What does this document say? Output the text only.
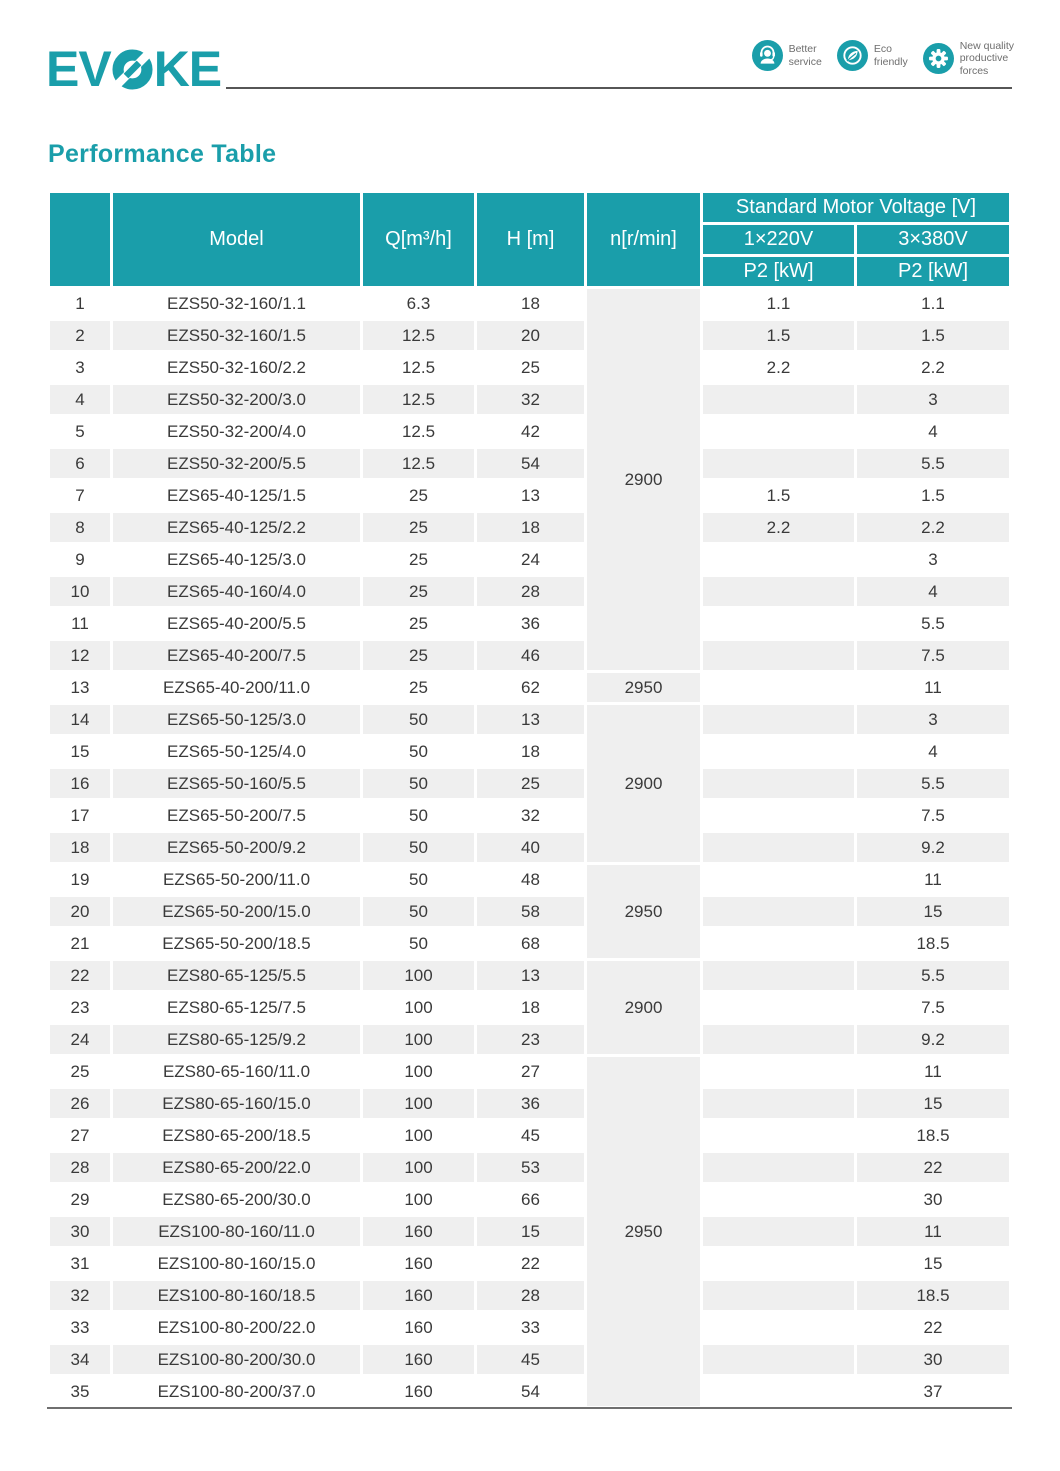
EV KE	Better
service
Eco
friendly
New quality
productive
forces
Performance Table
	Model	Q[m³/h]	H [m]	n[r/min]	Standard Motor Voltage [V]	
					1×220V	3×380V
					P2 [kW]	P2 [kW]
1	EZS50-32-160/1.1	6.3	18	2900	1.1	1.1
2	EZS50-32-160/1.5	12.5	20		1.5	1.5
3	EZS50-32-160/2.2	12.5	25		2.2	2.2
4	EZS50-32-200/3.0	12.5	32			3
5	EZS50-32-200/4.0	12.5	42			4
6	EZS50-32-200/5.5	12.5	54			5.5
7	EZS65-40-125/1.5	25	13		1.5	1.5
8	EZS65-40-125/2.2	25	18		2.2	2.2
9	EZS65-40-125/3.0	25	24			3
10	EZS65-40-160/4.0	25	28			4
11	EZS65-40-200/5.5	25	36			5.5
12	EZS65-40-200/7.5	25	46			7.5
13	EZS65-40-200/11.0	25	62	2950		11
14	EZS65-50-125/3.0	50	13	2900		3
15	EZS65-50-125/4.0	50	18			4
16	EZS65-50-160/5.5	50	25			5.5
17	EZS65-50-200/7.5	50	32			7.5
18	EZS65-50-200/9.2	50	40			9.2
19	EZS65-50-200/11.0	50	48	2950		11
20	EZS65-50-200/15.0	50	58			15
21	EZS65-50-200/18.5	50	68			18.5
22	EZS80-65-125/5.5	100	13	2900		5.5
23	EZS80-65-125/7.5	100	18			7.5
24	EZS80-65-125/9.2	100	23			9.2
25	EZS80-65-160/11.0	100	27	2950		11
26	EZS80-65-160/15.0	100	36			15
27	EZS80-65-200/18.5	100	45			18.5
28	EZS80-65-200/22.0	100	53			22
29	EZS80-65-200/30.0	100	66			30
30	EZS100-80-160/11.0	160	15			11
31	EZS100-80-160/15.0	160	22			15
32	EZS100-80-160/18.5	160	28			18.5
33	EZS100-80-200/22.0	160	33			22
34	EZS100-80-200/30.0	160	45			30
35	EZS100-80-200/37.0	160	54			37
